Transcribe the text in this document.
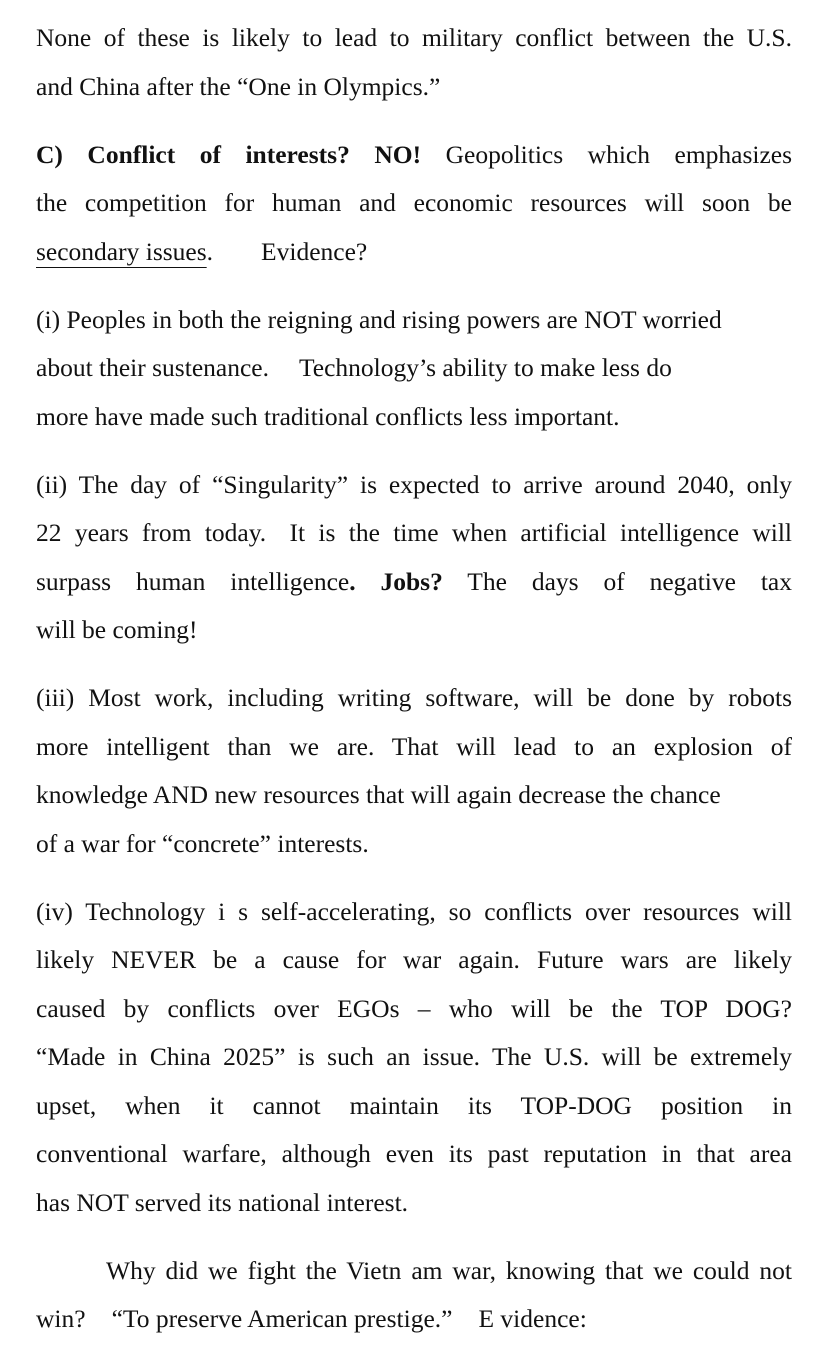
None of these is likely to lead to military conflict between the U.S.
and China after the “One in Olympics.”
C) Conflict of interests? NO! Geopolitics which emphasizes
the competition for human and economic resources will soon be
secondary issues. Evidence?
(i) Peoples in both the reigning and rising powers are NOT worried
about their sustenance. Technology’s ability to make less do
more have made such traditional conflicts less important.
(ii) The day of “Singularity” is expected to arrive around 2040, only
22 years from today. It is the time when artificial intelligence will
surpass human intelligence. Jobs? The days of negative tax
will be coming!
(iii) Most work, including writing software, will be done by robots
more intelligent than we are. That will lead to an explosion of
knowledge AND new resources that will again decrease the chance
of a war for “concrete” interests.
(iv) Technology i s self-accelerating, so conflicts over resources will
likely NEVER be a cause for war again. Future wars are likely
caused by conflicts over EGOs – who will be the TOP DOG?
“Made in China 2025” is such an issue. The U.S. will be extremely
upset, when it cannot maintain its TOP-DOG position in
conventional warfare, although even its past reputation in that area
has NOT served its national interest.
Why did we fight the Vietn am war, knowing that we could not
win? “To preserve American prestige.” E vidence:
